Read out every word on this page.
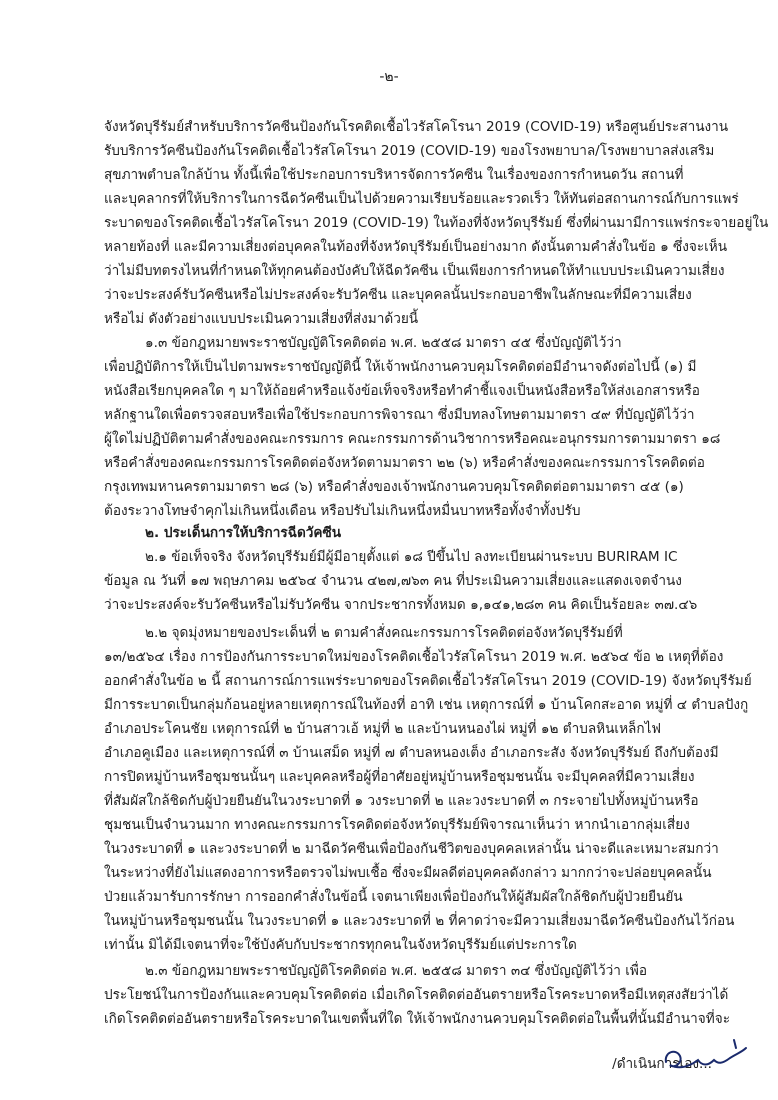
-๒-
จังหวัดบุรีรัมย์สำหรับบริการวัคซีนป้องกันโรคติดเชื้อไวรัสโคโรนา 2019 (COVID-19) หรือศูนย์ประสานงาน
รับบริการวัคซีนป้องกันโรคติดเชื้อไวรัสโคโรนา 2019 (COVID-19) ของโรงพยาบาล/โรงพยาบาลส่งเสริม
สุขภาพตำบลใกล้บ้าน ทั้งนี้เพื่อใช้ประกอบการบริหารจัดการวัคซีน ในเรื่องของการกำหนดวัน สถานที่
และบุคลากรที่ให้บริการในการฉีดวัคซีนเป็นไปด้วยความเรียบร้อยและรวดเร็ว ให้ทันต่อสถานการณ์กับการแพร่
ระบาดของโรคติดเชื้อไวรัสโคโรนา 2019 (COVID-19) ในท้องที่จังหวัดบุรีรัมย์ ซึ่งที่ผ่านมามีการแพร่กระจายอยู่ใน
หลายท้องที่ และมีความเสี่ยงต่อบุคคลในท้องที่จังหวัดบุรีรัมย์เป็นอย่างมาก ดังนั้นตามคำสั่งในข้อ ๑ ซึ่งจะเห็น
ว่าไม่มีบทตรงไหนที่กำหนดให้ทุกคนต้องบังคับให้ฉีดวัคซีน เป็นเพียงการกำหนดให้ทำแบบประเมินความเสี่ยง
ว่าจะประสงค์รับวัคซีนหรือไม่ประสงค์จะรับวัคซีน และบุคคลนั้นประกอบอาชีพในลักษณะที่มีความเสี่ยง
หรือไม่ ดังตัวอย่างแบบประเมินความเสี่ยงที่ส่งมาด้วยนี้
๑.๓ ข้อกฎหมายพระราชบัญญัติโรคติดต่อ พ.ศ. ๒๕๕๘ มาตรา ๔๕ ซึ่งบัญญัติไว้ว่า
เพื่อปฏิบัติการให้เป็นไปตามพระราชบัญญัตินี้ ให้เจ้าพนักงานควบคุมโรคติดต่อมีอำนาจดังต่อไปนี้ (๑) มี
หนังสือเรียกบุคคลใด ๆ มาให้ถ้อยคำหรือแจ้งข้อเท็จจริงหรือทำคำชี้แจงเป็นหนังสือหรือให้ส่งเอกสารหรือ
หลักฐานใดเพื่อตรวจสอบหรือเพื่อใช้ประกอบการพิจารณา ซึ่งมีบทลงโทษตามมาตรา ๔๙ ที่บัญญัติไว้ว่า
ผู้ใดไม่ปฏิบัติตามคำสั่งของคณะกรรมการ คณะกรรมการด้านวิชาการหรือคณะอนุกรรมการตามมาตรา ๑๘
หรือคำสั่งของคณะกรรมการโรคติดต่อจังหวัดตามมาตรา ๒๒ (๖) หรือคำสั่งของคณะกรรมการโรคติดต่อ
กรุงเทพมหานครตามมาตรา ๒๘ (๖) หรือคำสั่งของเจ้าพนักงานควบคุมโรคติดต่อตามมาตรา ๔๕ (๑)
ต้องระวางโทษจำคุกไม่เกินหนึ่งเดือน หรือปรับไม่เกินหนึ่งหมื่นบาทหรือทั้งจำทั้งปรับ
๒. ประเด็นการให้บริการฉีดวัคซีน
๒.๑ ข้อเท็จจริง จังหวัดบุรีรัมย์มีผู้มีอายุตั้งแต่ ๑๘ ปีขึ้นไป ลงทะเบียนผ่านระบบ BURIRAM IC
ข้อมูล ณ วันที่ ๑๗ พฤษภาคม ๒๕๖๔ จำนวน ๔๒๗,๗๖๓ คน ที่ประเมินความเสี่ยงและแสดงเจตจำนง
ว่าจะประสงค์จะรับวัคซีนหรือไม่รับวัคซีน จากประชากรทั้งหมด ๑,๑๔๑,๒๘๓ คน คิดเป็นร้อยละ ๓๗.๔๖
๒.๒ จุดมุ่งหมายของประเด็นที่ ๒ ตามคำสั่งคณะกรรมการโรคติดต่อจังหวัดบุรีรัมย์ที่
๑๓/๒๕๖๔ เรื่อง การป้องกันการระบาดใหม่ของโรคติดเชื้อไวรัสโคโรนา 2019 พ.ศ. ๒๕๖๔ ข้อ ๒ เหตุที่ต้อง
ออกคำสั่งในข้อ ๒ นี้ สถานการณ์การแพร่ระบาดของโรคติดเชื้อไวรัสโคโรนา 2019 (COVID-19) จังหวัดบุรีรัมย์
มีการระบาดเป็นกลุ่มก้อนอยู่หลายเหตุการณ์ในท้องที่ อาทิ เช่น เหตุการณ์ที่ ๑ บ้านโคกสะอาด หมู่ที่ ๔ ตำบลปังกู
อำเภอประโคนชัย เหตุการณ์ที่ ๒ บ้านสาวเอ้ หมู่ที่ ๒ และบ้านหนองไผ่ หมู่ที่ ๑๒ ตำบลหินเหล็กไฟ
อำเภอคูเมือง และเหตุการณ์ที่ ๓ บ้านเสม็ด หมู่ที่ ๗ ตำบลหนองเต็ง อำเภอกระสัง จังหวัดบุรีรัมย์ ถึงกับต้องมี
การปิดหมู่บ้านหรือชุมชนนั้นๆ และบุคคลหรือผู้ที่อาศัยอยู่หมู่บ้านหรือชุมชนนั้น จะมีบุคคลที่มีความเสี่ยง
ที่สัมผัสใกล้ชิดกับผู้ป่วยยืนยันในวงระบาดที่ ๑ วงระบาดที่ ๒ และวงระบาดที่ ๓ กระจายไปทั้งหมู่บ้านหรือ
ชุมชนเป็นจำนวนมาก ทางคณะกรรมการโรคติดต่อจังหวัดบุรีรัมย์พิจารณาเห็นว่า หากนำเอากลุ่มเสี่ยง
ในวงระบาดที่ ๑ และวงระบาดที่ ๒ มาฉีดวัคซีนเพื่อป้องกันชีวิตของบุคคลเหล่านั้น น่าจะดีและเหมาะสมกว่า
ในระหว่างที่ยังไม่แสดงอาการหรือตรวจไม่พบเชื้อ ซึ่งจะมีผลดีต่อบุคคลดังกล่าว มากกว่าจะปล่อยบุคคลนั้น
ป่วยแล้วมารับการรักษา การออกคำสั่งในข้อนี้ เจตนาเพียงเพื่อป้องกันให้ผู้สัมผัสใกล้ชิดกับผู้ป่วยยืนยัน
ในหมู่บ้านหรือชุมชนนั้น ในวงระบาดที่ ๑ และวงระบาดที่ ๒ ที่คาดว่าจะมีความเสี่ยงมาฉีดวัคซีนป้องกันไว้ก่อน
เท่านั้น มิได้มีเจตนาที่จะใช้บังคับกับประชากรทุกคนในจังหวัดบุรีรัมย์แต่ประการใด
๒.๓ ข้อกฎหมายพระราชบัญญัติโรคติดต่อ พ.ศ. ๒๕๕๘ มาตรา ๓๔ ซึ่งบัญญัติไว้ว่า เพื่อ
ประโยชน์ในการป้องกันและควบคุมโรคติดต่อ เมื่อเกิดโรคติดต่ออันตรายหรือโรคระบาดหรือมีเหตุสงสัยว่าได้
เกิดโรคติดต่ออันตรายหรือโรคระบาดในเขตพื้นที่ใด ให้เจ้าพนักงานควบคุมโรคติดต่อในพื้นที่นั้นมีอำนาจที่จะ
/ดำเนินการเอง...
